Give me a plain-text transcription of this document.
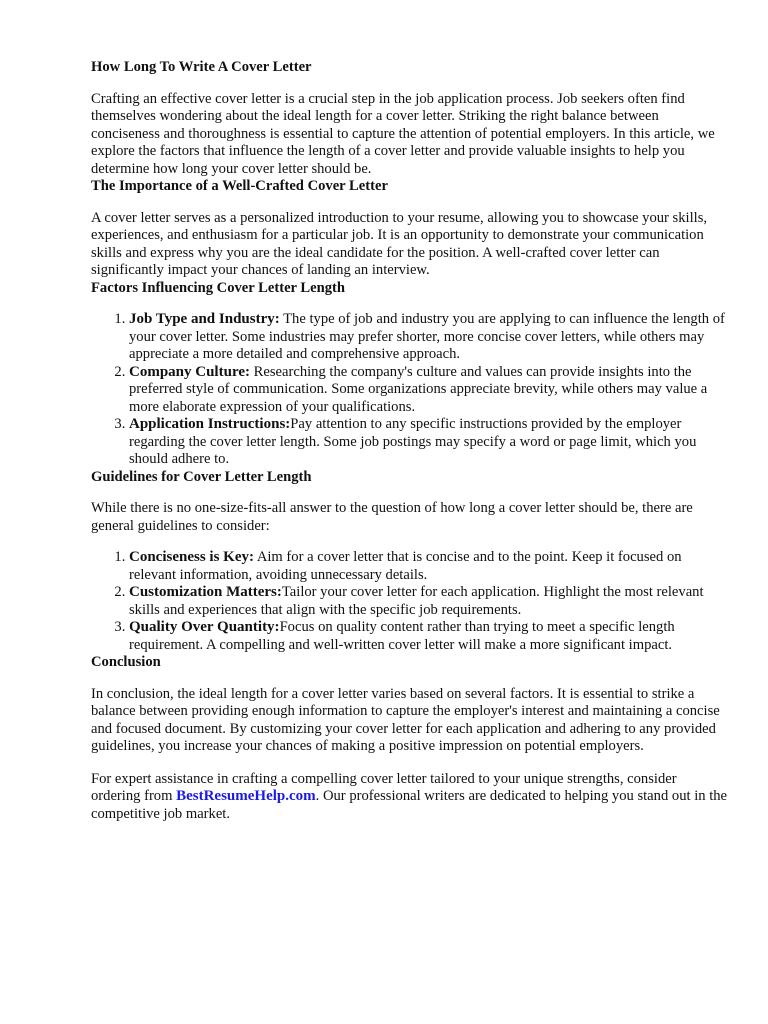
How Long To Write A Cover Letter

Crafting an effective cover letter is a crucial step in the job application process. Job seekers often find themselves wondering about the ideal length for a cover letter. Striking the right balance between conciseness and thoroughness is essential to capture the attention of potential employers. In this article, we explore the factors that influence the length of a cover letter and provide valuable insights to help you determine how long your cover letter should be.

The Importance of a Well-Crafted Cover Letter

A cover letter serves as a personalized introduction to your resume, allowing you to showcase your skills, experiences, and enthusiasm for a particular job. It is an opportunity to demonstrate your communication skills and express why you are the ideal candidate for the position. A well-crafted cover letter can significantly impact your chances of landing an interview.

Factors Influencing Cover Letter Length
1. Job Type and Industry: The type of job and industry you are applying to can influence the length of your cover letter. Some industries may prefer shorter, more concise cover letters, while others may appreciate a more detailed and comprehensive approach.
2. Company Culture: Researching the company's culture and values can provide insights into the preferred style of communication. Some organizations appreciate brevity, while others may value a more elaborate expression of your qualifications.
3. Application Instructions:Pay attention to any specific instructions provided by the employer regarding the cover letter length. Some job postings may specify a word or page limit, which you should adhere to.
Guidelines for Cover Letter Length

While there is no one-size-fits-all answer to the question of how long a cover letter should be, there are general guidelines to consider:

1. Conciseness is Key: Aim for a cover letter that is concise and to the point. Keep it focused on relevant information, avoiding unnecessary details.
2. Customization Matters:Tailor your cover letter for each application. Highlight the most relevant skills and experiences that align with the specific job requirements.
3. Quality Over Quantity:Focus on quality content rather than trying to meet a specific length requirement. A compelling and well-written cover letter will make a more significant impact.
Conclusion

In conclusion, the ideal length for a cover letter varies based on several factors. It is essential to strike a balance between providing enough information to capture the employer's interest and maintaining a concise and focused document. By customizing your cover letter for each application and adhering to any provided guidelines, you increase your chances of making a positive impression on potential employers.

For expert assistance in crafting a compelling cover letter tailored to your unique strengths, consider ordering from BestResumeHelp.com. Our professional writers are dedicated to helping you stand out in the competitive job market.
